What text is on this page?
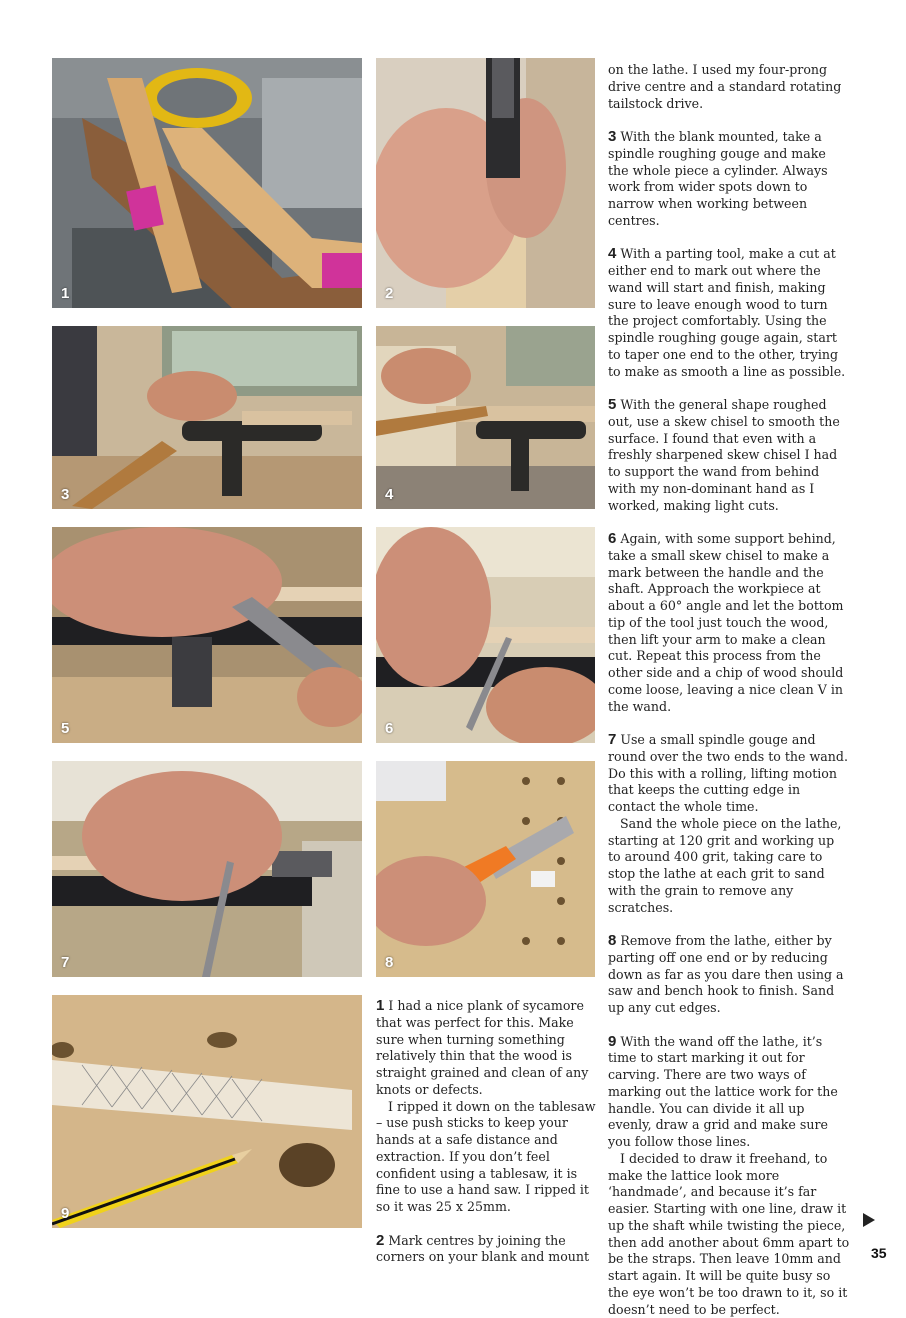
1	2
3	4
5	6
7	8
9

1 I had a nice plank of sycamore that was perfect for this. Make sure when turning something relatively thin that the wood is straight grained and clean of any knots or defects.

I ripped it down on the tablesaw – use push sticks to keep your hands at a safe distance and extraction. If you don’t feel confident using a tablesaw, it is fine to use a hand saw. I ripped it so it was 25 x 25mm.

2 Mark centres by joining the corners on your blank and mount

on the lathe. I used my four-prong drive centre and a standard rotating tailstock drive.

3 With the blank mounted, take a spindle roughing gouge and make the whole piece a cylinder. Always work from wider spots down to narrow when working between centres.

4 With a parting tool, make a cut at either end to mark out where the wand will start and finish, making sure to leave enough wood to turn the project comfortably. Using the spindle roughing gouge again, start to taper one end to the other, trying to make as smooth a line as possible.

5 With the general shape roughed out, use a skew chisel to smooth the surface. I found that even with a freshly sharpened skew chisel I had to support the wand from behind with my non-dominant hand as I worked, making light cuts.

6 Again, with some support behind, take a small skew chisel to make a mark between the handle and the shaft. Approach the workpiece at about a 60° angle and let the bottom tip of the tool just touch the wood, then lift your arm to make a clean cut. Repeat this process from the other side and a chip of wood should come loose, leaving a nice clean V in the wand.

7 Use a small spindle gouge and round over the two ends to the wand. Do this with a rolling, lifting motion that keeps the cutting edge in contact the whole time.

Sand the whole piece on the lathe, starting at 120 grit and working up to around 400 grit, taking care to stop the lathe at each grit to sand with the grain to remove any scratches.

8 Remove from the lathe, either by parting off one end or by reducing down as far as you dare then using a saw and bench hook to finish. Sand up any cut edges.

9 With the wand off the lathe, it’s time to start marking it out for carving. There are two ways of marking out the lattice work for the handle. You can divide it all up evenly, draw a grid and make sure you follow those lines.

I decided to draw it freehand, to make the lattice look more ‘handmade’, and because it’s far easier. Starting with one line, draw it up the shaft while twisting the piece, then add another about 6mm apart to be the straps. Then leave 10mm and start again. It will be quite busy so the eye won’t be too drawn to it, so it doesn’t need to be perfect.

35
